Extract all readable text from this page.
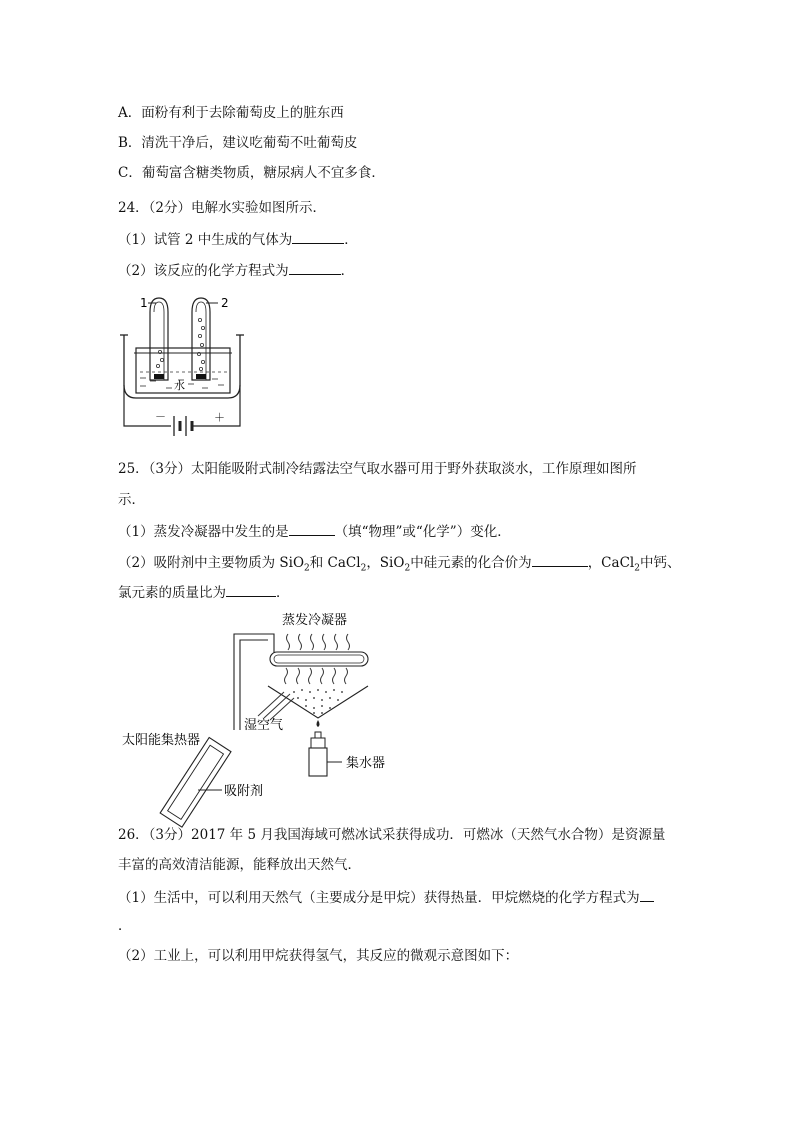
A．面粉有利于去除葡萄皮上的脏东西
B．清洗干净后，建议吃葡萄不吐葡萄皮
C．葡萄富含糖类物质，糖尿病人不宜多食．
24．（2分）电解水实验如图所示．
（1）试管 2 中生成的气体为	．
（2）该反应的化学方程式为	．
1	2
水
－	＋
25．（3分）太阳能吸附式制冷结露法空气取水器可用于野外获取淡水，工作原理如图所
示．
（1）蒸发冷凝器中发生的是	（填“物理”或“化学”）变化．
（2）吸附剂中主要物质为 SiO$_2$和 CaCl$_2$，SiO$_2$中硅元素的化合价为	，CaCl$_2$中钙、
氯元素的质量比为	．
蒸发冷凝器
湿空气
太阳能集热器
集水器
吸附剂
26．（3分）2017 年 5 月我国海域可燃冰试采获得成功．可燃冰（天然气水合物）是资源量
丰富的高效清洁能源，能释放出天然气．
（1）生活中，可以利用天然气（主要成分是甲烷）获得热量．甲烷燃烧的化学方程式为
．
（2）工业上，可以利用甲烷获得氢气，其反应的微观示意图如下：
